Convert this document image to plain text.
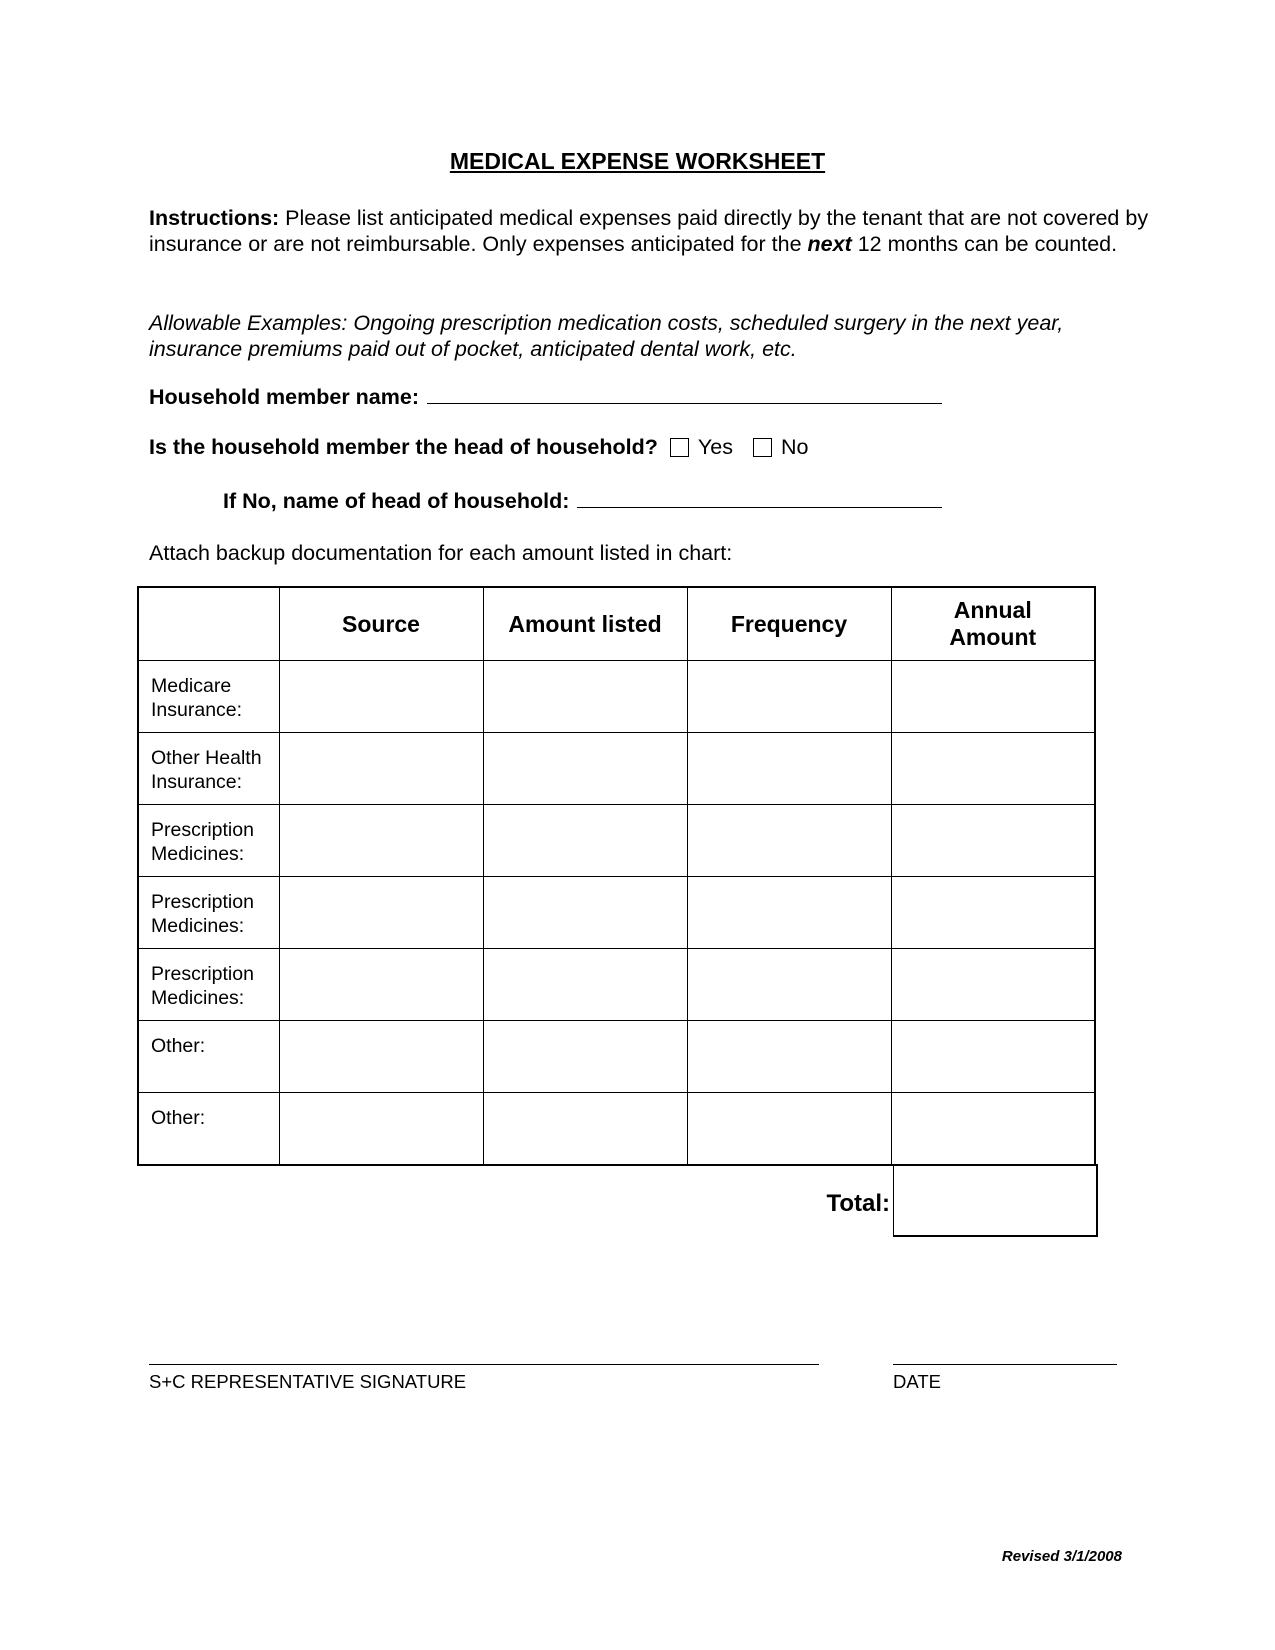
MEDICAL EXPENSE WORKSHEET
Instructions: Please list anticipated medical expenses paid directly by the tenant that are not covered by insurance or are not reimbursable. Only expenses anticipated for the next 12 months can be counted.
Allowable Examples: Ongoing prescription medication costs, scheduled surgery in the next year, insurance premiums paid out of pocket, anticipated dental work, etc.
Household member name:
Is the household member the head of household? Yes No
If No, name of head of household:
Attach backup documentation for each amount listed in chart:
	Source	Amount listed	Frequency	Annual Amount
Medicare Insurance:				
Other Health Insurance:				
Prescription Medicines:				
Prescription Medicines:				
Prescription Medicines:				
Other:				
Other:				
Total:
S+C REPRESENTATIVE SIGNATURE	DATE
Revised 3/1/2008
